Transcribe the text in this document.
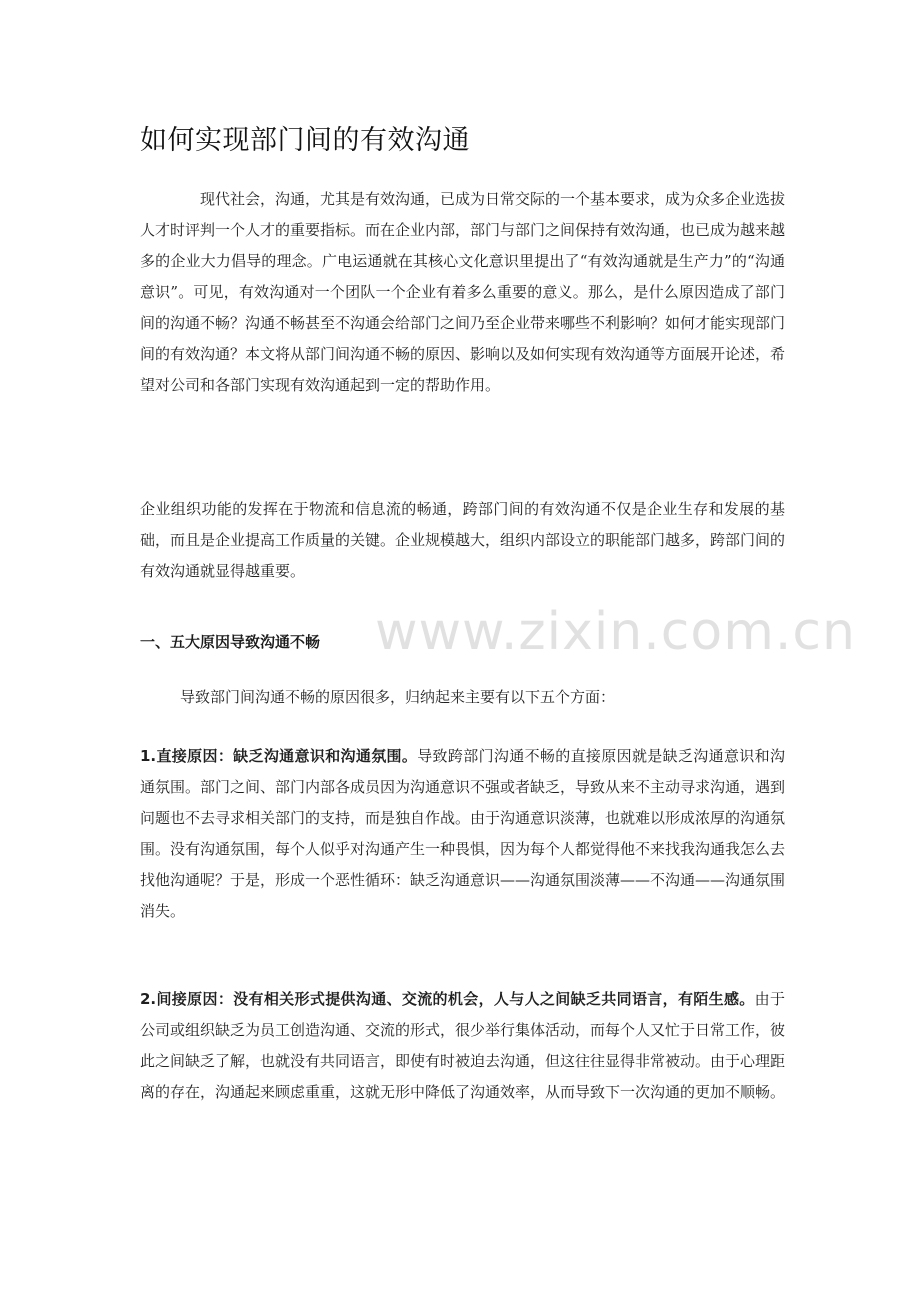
如何实现部门间的有效沟通

现代社会，沟通，尤其是有效沟通，已成为日常交际的一个基本要求，成为众多企业选拔人才时评判一个人才的重要指标。而在企业内部，部门与部门之间保持有效沟通，也已成为越来越多的企业大力倡导的理念。广电运通就在其核心文化意识里提出了“有效沟通就是生产力”的“沟通意识”。可见，有效沟通对一个团队一个企业有着多么重要的意义。那么，是什么原因造成了部门间的沟通不畅？沟通不畅甚至不沟通会给部门之间乃至企业带来哪些不利影响？如何才能实现部门间的有效沟通？本文将从部门间沟通不畅的原因、影响以及如何实现有效沟通等方面展开论述，希望对公司和各部门实现有效沟通起到一定的帮助作用。

企业组织功能的发挥在于物流和信息流的畅通，跨部门间的有效沟通不仅是企业生存和发展的基础，而且是企业提高工作质量的关键。企业规模越大，组织内部设立的职能部门越多，跨部门间的有效沟通就显得越重要。

一、五大原因导致沟通不畅

导致部门间沟通不畅的原因很多，归纳起来主要有以下五个方面：

1.直接原因：缺乏沟通意识和沟通氛围。导致跨部门沟通不畅的直接原因就是缺乏沟通意识和沟通氛围。部门之间、部门内部各成员因为沟通意识不强或者缺乏，导致从来不主动寻求沟通，遇到问题也不去寻求相关部门的支持，而是独自作战。由于沟通意识淡薄，也就难以形成浓厚的沟通氛围。没有沟通氛围，每个人似乎对沟通产生一种畏惧，因为每个人都觉得他不来找我沟通我怎么去找他沟通呢？于是，形成一个恶性循环：缺乏沟通意识——沟通氛围淡薄——不沟通——沟通氛围消失。

2.间接原因：没有相关形式提供沟通、交流的机会，人与人之间缺乏共同语言，有陌生感。由于公司或组织缺乏为员工创造沟通、交流的形式，很少举行集体活动，而每个人又忙于日常工作，彼此之间缺乏了解，也就没有共同语言，即使有时被迫去沟通，但这往往显得非常被动。由于心理距离的存在，沟通起来顾虑重重，这就无形中降低了沟通效率，从而导致下一次沟通的更加不顺畅。

www.zixin.com.cn
